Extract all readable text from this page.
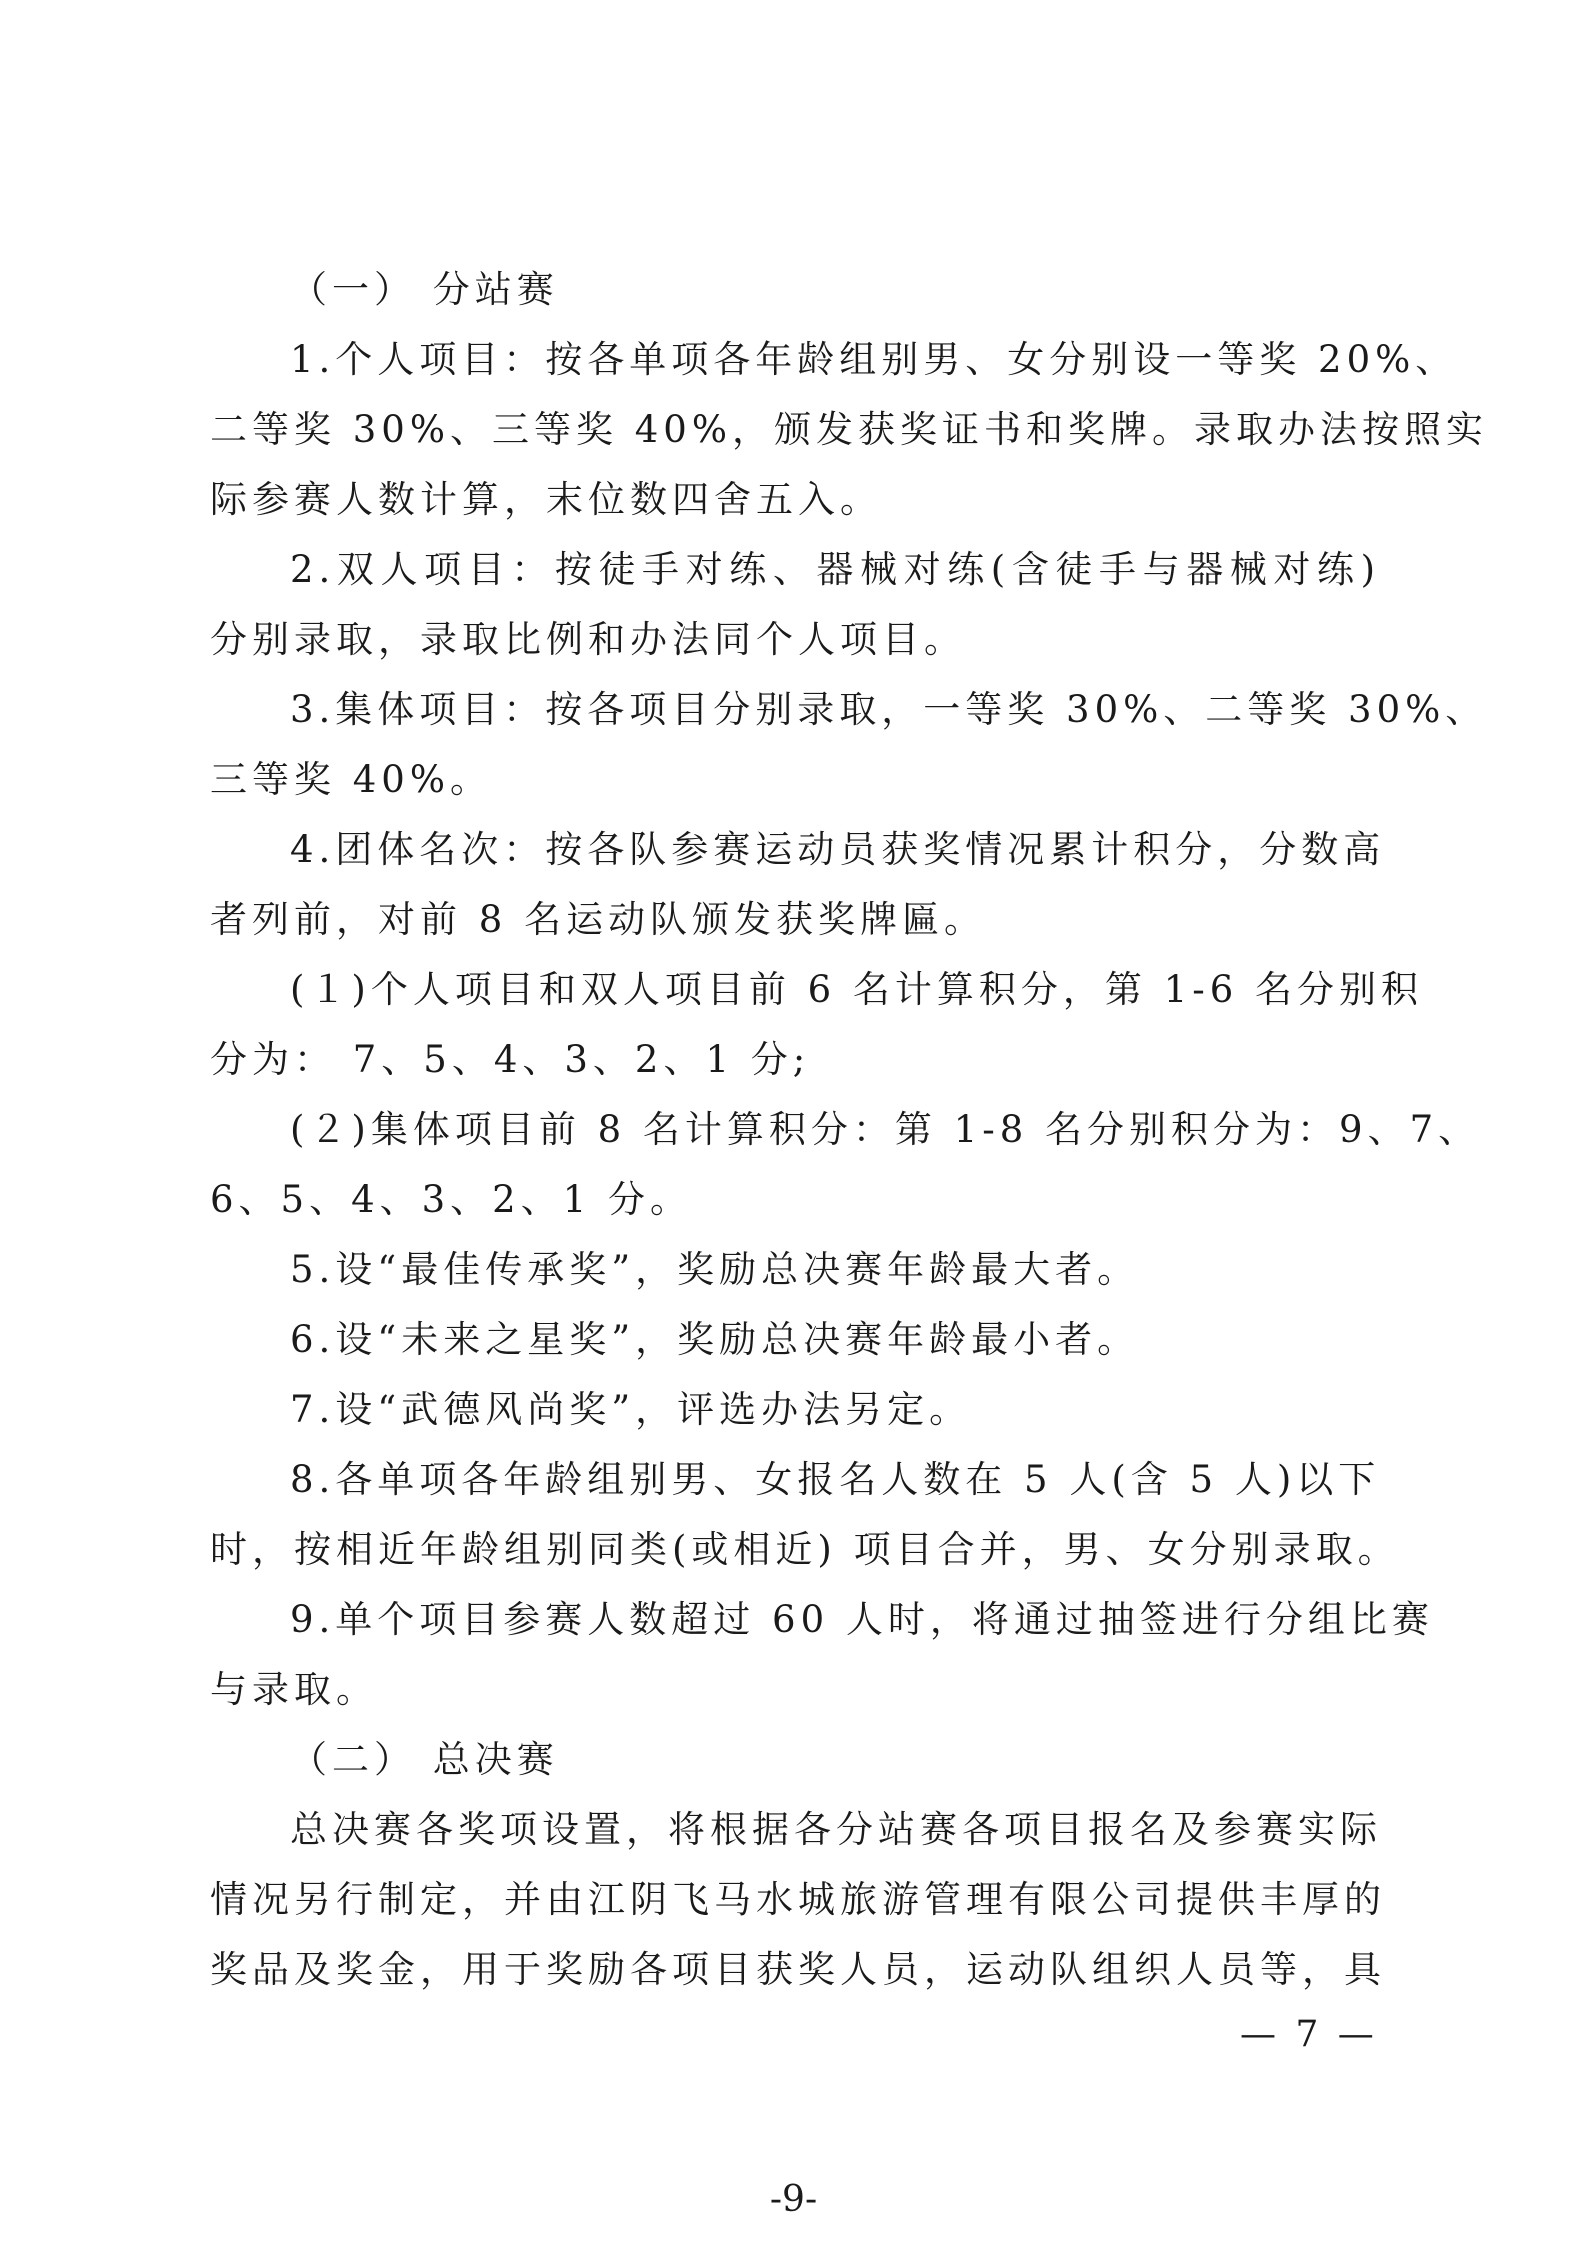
（一） 分站赛
1.个人项目：按各单项各年龄组别男、女分别设一等奖 20%、
二等奖 30%、三等奖 40%，颁发获奖证书和奖牌。录取办法按照实
际参赛人数计算，末位数四舍五入。
2.双人项目：按徒手对练、器械对练(含徒手与器械对练)
分别录取，录取比例和办法同个人项目。
3.集体项目：按各项目分别录取，一等奖 30%、二等奖 30%、
三等奖 40%。
4.团体名次：按各队参赛运动员获奖情况累计积分，分数高
者列前，对前 8 名运动队颁发获奖牌匾。
(１)个人项目和双人项目前 6 名计算积分，第 1-6 名分别积
分为： 7、5、4、3、2、1 分;
(２)集体项目前 8 名计算积分：第 1-8 名分别积分为：9、7、
6、5、4、3、2、1 分。
5.设“最佳传承奖”，奖励总决赛年龄最大者。
6.设“未来之星奖”，奖励总决赛年龄最小者。
7.设“武德风尚奖”，评选办法另定。
8.各单项各年龄组别男、女报名人数在 5 人(含 5 人)以下
时，按相近年龄组别同类(或相近) 项目合并，男、女分别录取。
9.单个项目参赛人数超过 60 人时，将通过抽签进行分组比赛
与录取。
（二） 总决赛
总决赛各奖项设置，将根据各分站赛各项目报名及参赛实际
情况另行制定，并由江阴飞马水城旅游管理有限公司提供丰厚的
奖品及奖金，用于奖励各项目获奖人员，运动队组织人员等，具
— 7 —
-9-
